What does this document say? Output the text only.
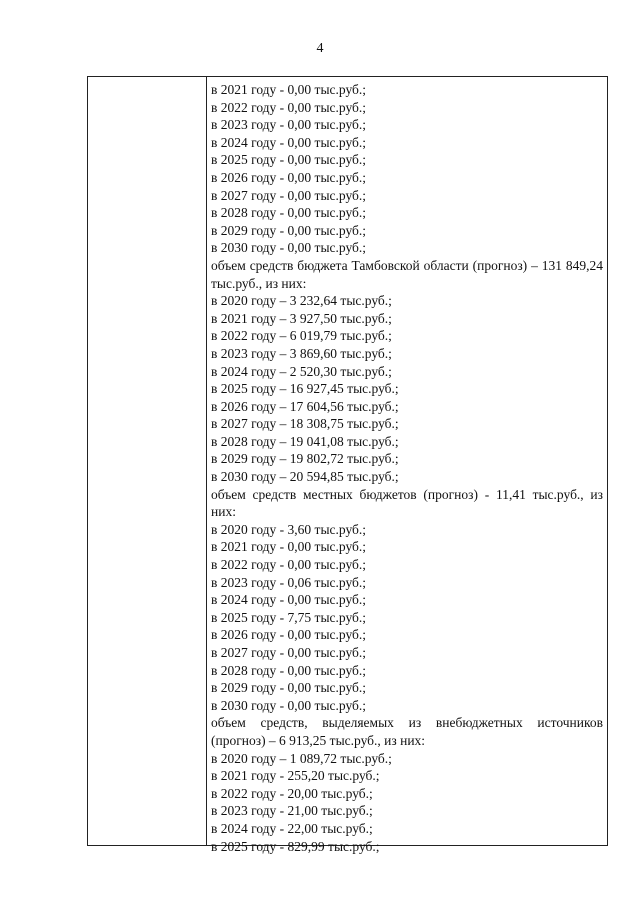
4
в 2021 году - 0,00 тыс.руб.;
в 2022 году - 0,00 тыс.руб.;
в 2023 году - 0,00 тыс.руб.;
в 2024 году - 0,00 тыс.руб.;
в 2025 году - 0,00 тыс.руб.;
в 2026 году - 0,00 тыс.руб.;
в 2027 году - 0,00 тыс.руб.;
в 2028 году - 0,00 тыс.руб.;
в 2029 году - 0,00 тыс.руб.;
в 2030 году - 0,00 тыс.руб.;
объем средств бюджета Тамбовской области (прогноз) – 131 849,24 тыс.руб., из них:
в 2020 году – 3 232,64 тыс.руб.;
в 2021 году – 3 927,50 тыс.руб.;
в 2022 году – 6 019,79 тыс.руб.;
в 2023 году – 3 869,60 тыс.руб.;
в 2024 году – 2 520,30 тыс.руб.;
в 2025 году – 16 927,45 тыс.руб.;
в 2026 году – 17 604,56 тыс.руб.;
в 2027 году – 18 308,75 тыс.руб.;
в 2028 году – 19 041,08 тыс.руб.;
в 2029 году – 19 802,72 тыс.руб.;
в 2030 году – 20 594,85 тыс.руб.;
объем средств местных бюджетов (прогноз) - 11,41 тыс.руб., из них:
в 2020 году - 3,60 тыс.руб.;
в 2021 году - 0,00 тыс.руб.;
в 2022 году - 0,00 тыс.руб.;
в 2023 году - 0,06 тыс.руб.;
в 2024 году - 0,00 тыс.руб.;
в 2025 году - 7,75 тыс.руб.;
в 2026 году - 0,00 тыс.руб.;
в 2027 году - 0,00 тыс.руб.;
в 2028 году - 0,00 тыс.руб.;
в 2029 году - 0,00 тыс.руб.;
в 2030 году - 0,00 тыс.руб.;
объем средств, выделяемых из внебюджетных источников (прогноз) – 6 913,25 тыс.руб., из них:
в 2020 году – 1 089,72 тыс.руб.;
в 2021 году - 255,20 тыс.руб.;
в 2022 году - 20,00 тыс.руб.;
в 2023 году - 21,00 тыс.руб.;
в 2024 году - 22,00 тыс.руб.;
в 2025 году - 829,99 тыс.руб.;
